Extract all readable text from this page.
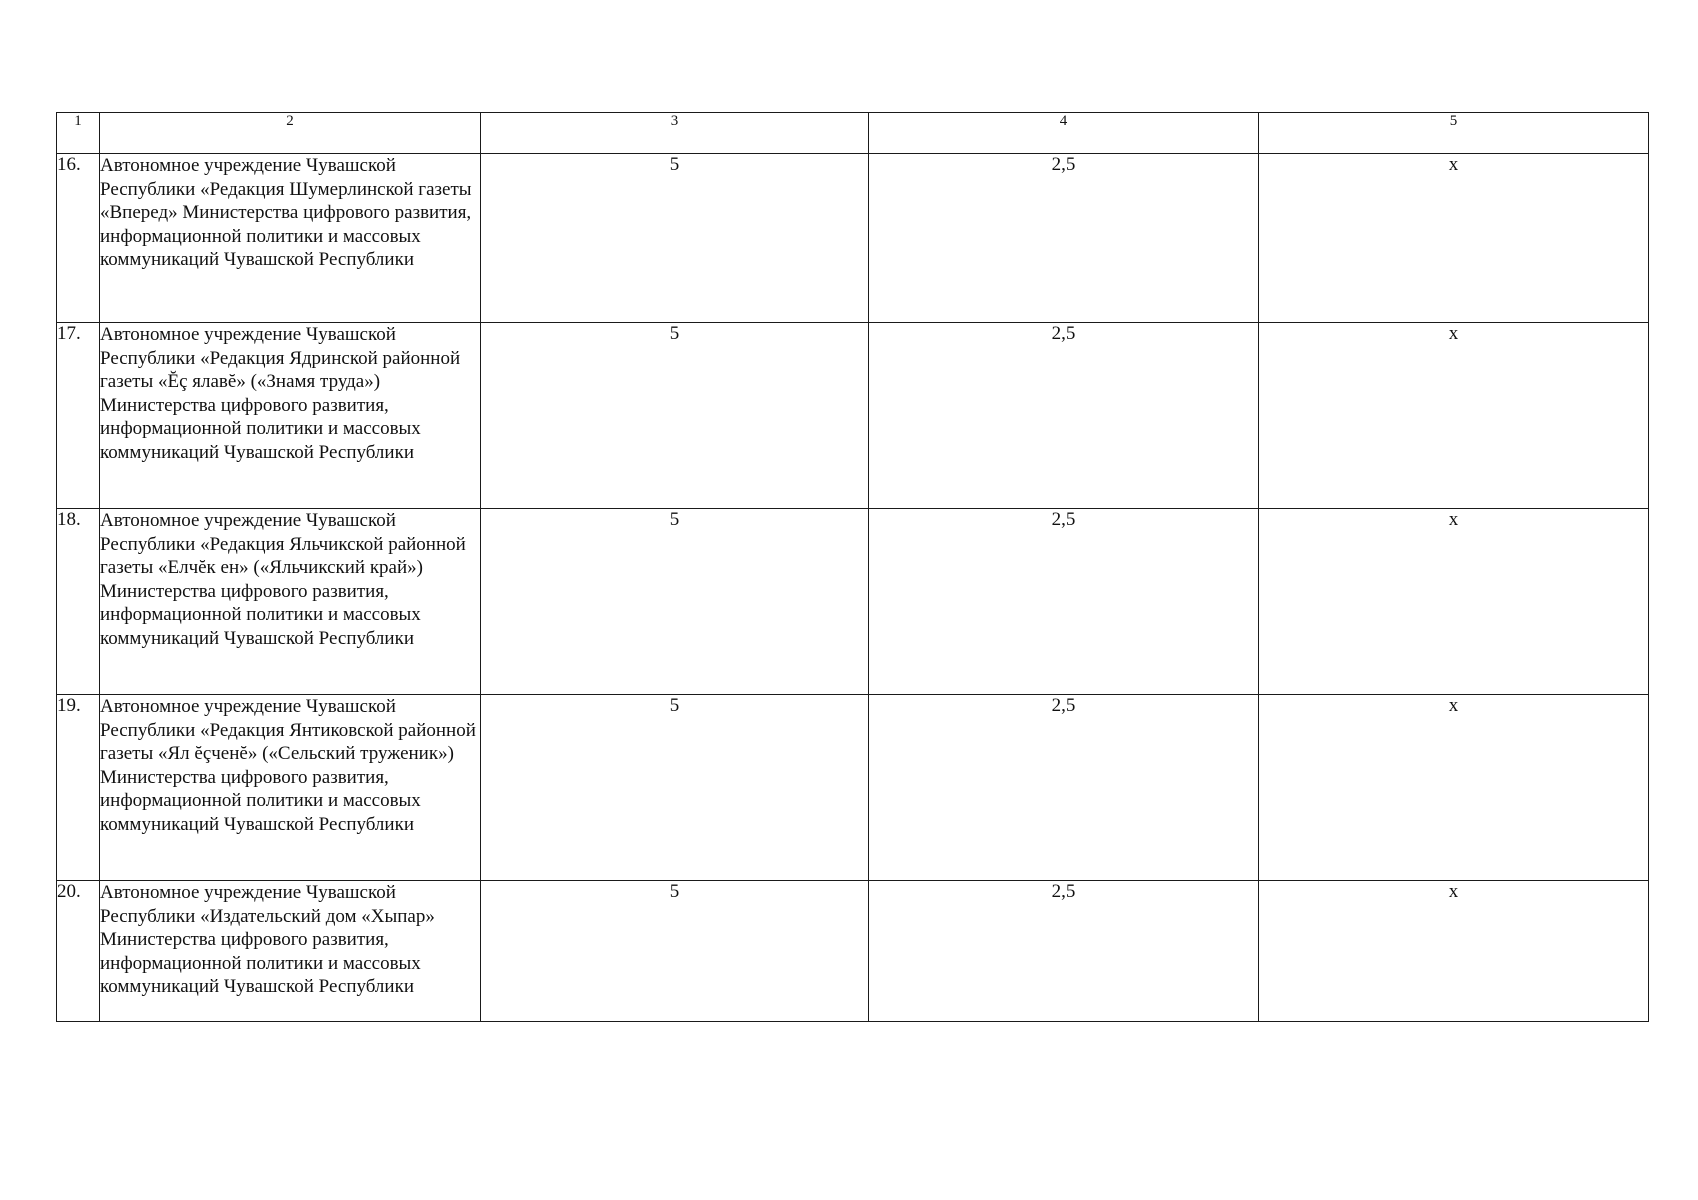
1	2	3	4	5
16.	Автономное учреждение Чувашской Республики «Редакция Шумерлинской газеты «Вперед» Министерства цифрового развития, информационной политики и массовых коммуникаций Чувашской Республики	5	2,5	х
17.	Автономное учреждение Чувашской Республики «Редакция Ядринской районной газеты «Ĕç ялавĕ» («Знамя труда») Министерства цифрового развития, информационной политики и массовых коммуникаций Чувашской Республики	5	2,5	х
18.	Автономное учреждение Чувашской Республики «Редакция Яльчикской районной газеты «Елчĕк ен» («Яльчикский край») Министерства цифрового развития, информационной политики и массовых коммуникаций Чувашской Республики	5	2,5	х
19.	Автономное учреждение Чувашской Республики «Редакция Янтиковской районной газеты «Ял ĕçченĕ» («Сельский труженик») Министерства цифрового развития, информационной политики и массовых коммуникаций Чувашской Республики	5	2,5	х
20.	Автономное учреждение Чувашской Республики «Издательский дом «Хыпар» Министерства цифрового развития, информационной политики и массовых коммуникаций Чувашской Республики	5	2,5	х
